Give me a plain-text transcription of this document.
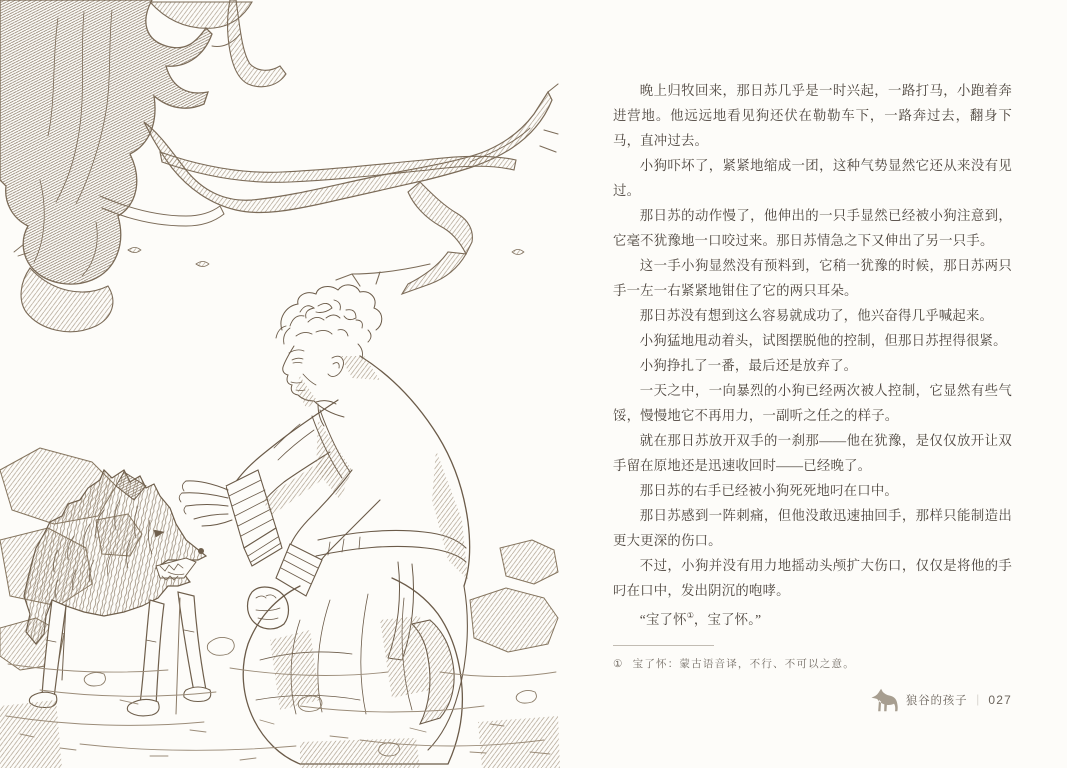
晚上归牧回来，那日苏几乎是一时兴起，一路打马，小跑着奔进营地。他远远地看见狗还伏在勒勒车下，一路奔过去，翻身下马，直冲过去。

小狗吓坏了，紧紧地缩成一团，这种气势显然它还从来没有见过。

那日苏的动作慢了，他伸出的一只手显然已经被小狗注意到，它毫不犹豫地一口咬过来。那日苏情急之下又伸出了另一只手。

这一手小狗显然没有预料到，它稍一犹豫的时候，那日苏两只手一左一右紧紧地钳住了它的两只耳朵。

那日苏没有想到这么容易就成功了，他兴奋得几乎喊起来。

小狗猛地甩动着头，试图摆脱他的控制，但那日苏捏得很紧。

小狗挣扎了一番，最后还是放弃了。

一天之中，一向暴烈的小狗已经两次被人控制，它显然有些气馁，慢慢地它不再用力，一副听之任之的样子。

就在那日苏放开双手的一刹那——他在犹豫，是仅仅放开让双手留在原地还是迅速收回时——已经晚了。

那日苏的右手已经被小狗死死地叼在口中。

那日苏感到一阵刺痛，但他没敢迅速抽回手，那样只能制造出更大更深的伤口。

不过，小狗并没有用力地摇动头颅扩大伤口，仅仅是将他的手叼在口中，发出阴沉的咆哮。

“宝了怀①，宝了怀。”

① 宝了怀：蒙古语音译，不行、不可以之意。
狼谷的孩子 ｜ 027
